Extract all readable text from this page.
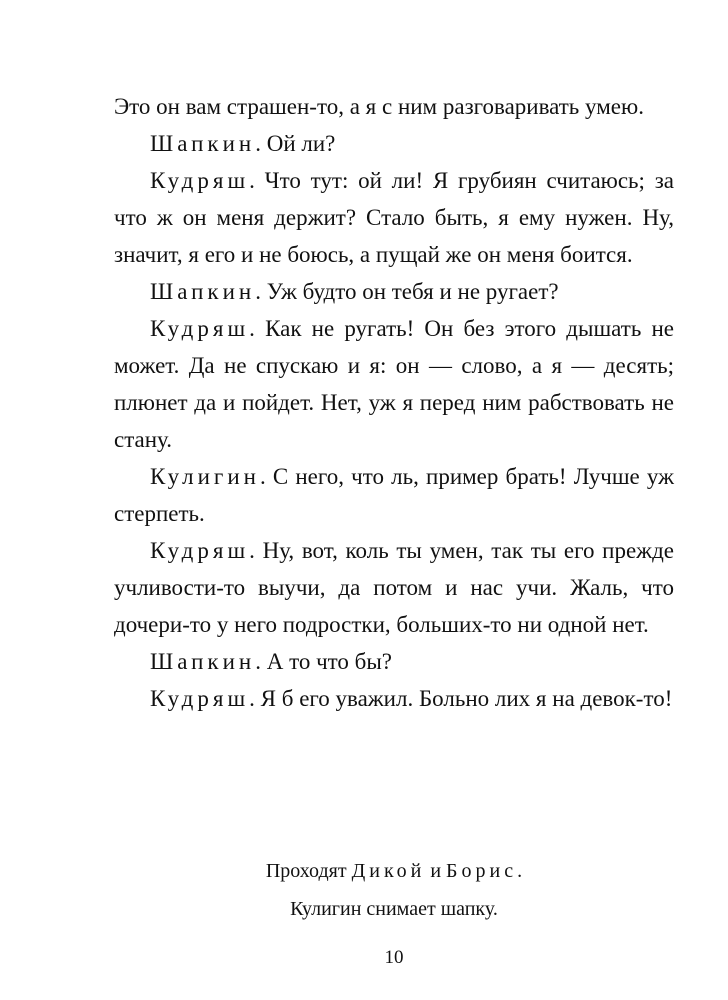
Это он вам страшен-то, а я с ним разговаривать умею.

Шапкин. Ой ли?

Кудряш. Что тут: ой ли! Я грубиян считаюсь; за что ж он меня держит? Стало быть, я ему нужен. Ну, значит, я его и не боюсь, а пущай же он меня боится.

Шапкин. Уж будто он тебя и не ругает?

Кудряш. Как не ругать! Он без этого дышать не может. Да не спускаю и я: он — слово, а я — десять; плюнет да и пойдет. Нет, уж я перед ним рабствовать не стану.

Кулигин. С него, что ль, пример брать! Лучше уж стерпеть.

Кудряш. Ну, вот, коль ты умен, так ты его прежде учливости-то выучи, да потом и нас учи. Жаль, что дочери-то у него подростки, больших-то ни одной нет.

Шапкин. А то что бы?

Кудряш. Я б его уважил. Больно лих я на девок-то!

Проходят Дикой и Борис.
Кулигин снимает шапку.
10
